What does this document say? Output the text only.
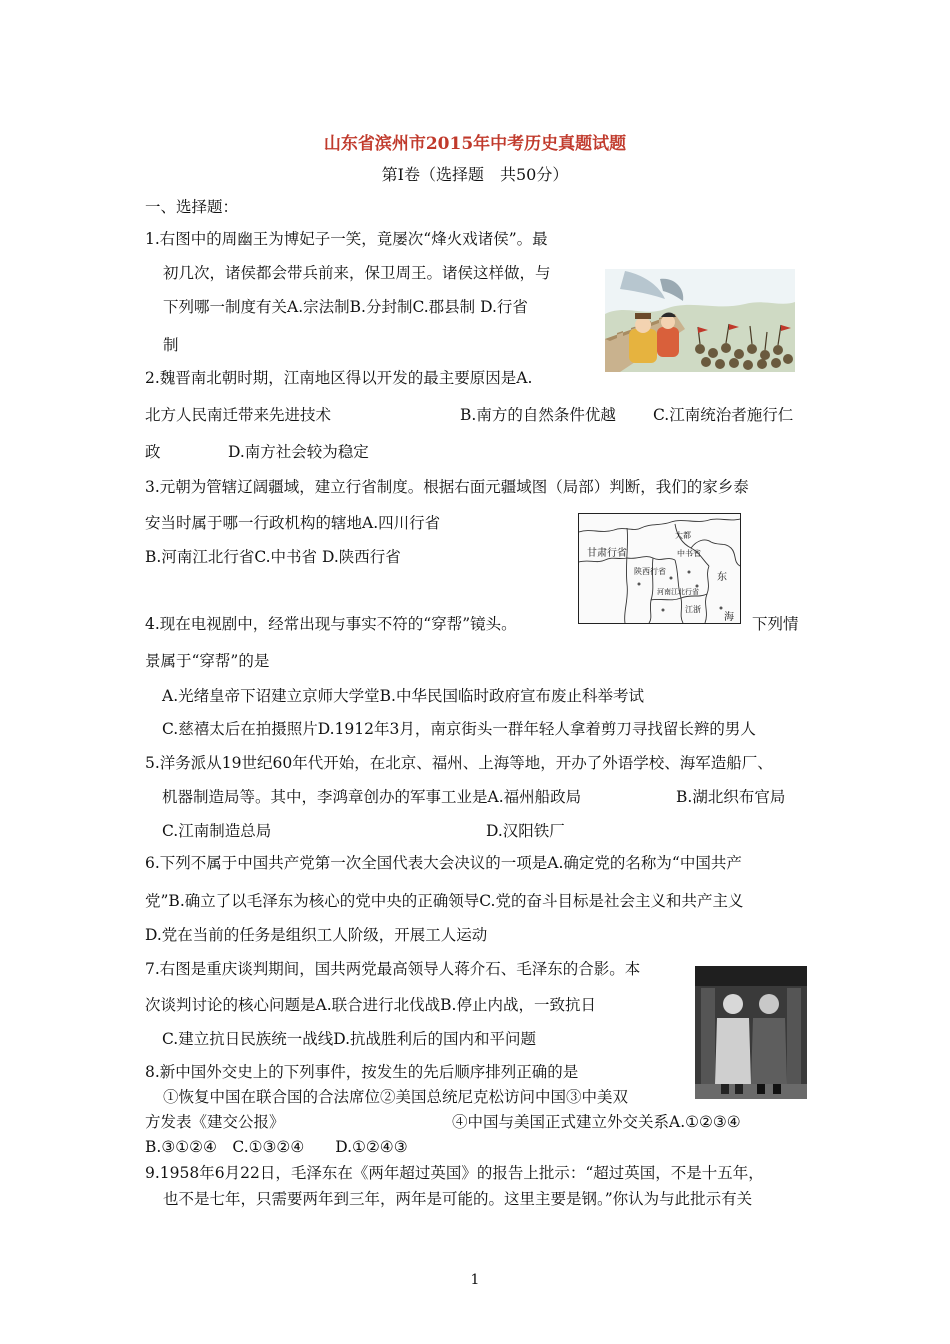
山东省滨州市2015年中考历史真题试题
第Ⅰ卷（选择题　共50分）
一、选择题：
1.右图中的周幽王为博妃子一笑，竟屡次“烽火戏诸侯”。最
初几次，诸侯都会带兵前来，保卫周王。诸侯这样做，与
下列哪一制度有关A.宗法制B.分封制C.郡县制 D.行省
制
2.魏晋南北朝时期，江南地区得以开发的最主要原因是A.
北方人民南迁带来先进技术	B.南方的自然条件优越 C.江南统治者施行仁
政	D.南方社会较为稳定
3.元朝为管辖辽阔疆域，建立行省制度。根据右面元疆域图（局部）判断，我们的家乡泰
安当时属于哪一行政机构的辖地A.四川行省
B.河南江北行省C.中书省 D.陕西行省	甘肃行省
陕西行省
大都
中书省
河南江北行省
江浙
东
海
4.现在电视剧中，经常出现与事实不符的“穿帮”镜头。	下列情
景属于“穿帮”的是
A.光绪皇帝下诏建立京师大学堂B.中华民国临时政府宣布废止科举考试
C.慈禧太后在拍摄照片D.1912年3月，南京街头一群年轻人拿着剪刀寻找留长辫的男人
5.洋务派从19世纪60年代开始，在北京、福州、上海等地，开办了外语学校、海军造船厂、
机器制造局等。其中，李鸿章创办的军事工业是A.福州船政局	B.湖北织布官局
C.江南制造总局	D.汉阳铁厂
6.下列不属于中国共产党第一次全国代表大会决议的一项是A.确定党的名称为“中国共产
党”B.确立了以毛泽东为核心的党中央的正确领导C.党的奋斗目标是社会主义和共产主义
D.党在当前的任务是组织工人阶级，开展工人运动
7.右图是重庆谈判期间，国共两党最高领导人蒋介石、毛泽东的合影。本
次谈判讨论的核心问题是A.联合进行北伐战B.停止内战，一致抗日
C.建立抗日民族统一战线D.抗战胜利后的国内和平问题
8.新中国外交史上的下列事件，按发生的先后顺序排列正确的是
①恢复中国在联合国的合法席位②美国总统尼克松访问中国③中美双
方发表《建交公报》	④中国与美国正式建立外交关系A.①②③④
B.③①②④　C.①③②④　　D.①②④③
9.1958年6月22日，毛泽东在《两年超过英国》的报告上批示：“超过英国，不是十五年，
也不是七年，只需要两年到三年，两年是可能的。这里主要是钢。”你认为与此批示有关
1
